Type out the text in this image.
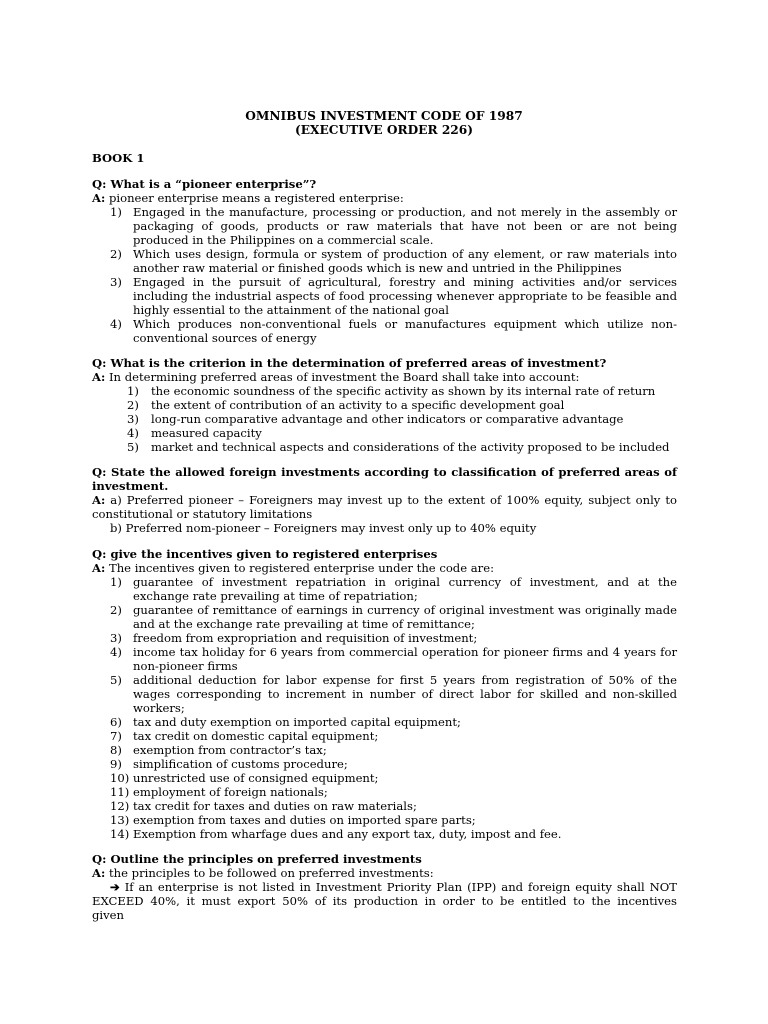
OMNIBUS INVESTMENT CODE OF 1987
(EXECUTIVE ORDER 226)
BOOK 1
Q: What is a “pioneer enterprise”?
A: pioneer enterprise means a registered enterprise:
1) Engaged in the manufacture, processing or production, and not merely in the assembly or
packaging of goods, products or raw materials that have not been or are not being
produced in the Philippines on a commercial scale.
2) Which uses design, formula or system of production of any element, or raw materials into
another raw material or finished goods which is new and untried in the Philippines
3) Engaged in the pursuit of agricultural, forestry and mining activities and/or services
including the industrial aspects of food processing whenever appropriate to be feasible and
highly essential to the attainment of the national goal
4) Which produces non-conventional fuels or manufactures equipment which utilize non-
conventional sources of energy
Q: What is the criterion in the determination of preferred areas of investment?
A: In determining preferred areas of investment the Board shall take into account:
1) the economic soundness of the specific activity as shown by its internal rate of return
2) the extent of contribution of an activity to a specific development goal
3) long-run comparative advantage and other indicators or comparative advantage
4) measured capacity
5) market and technical aspects and considerations of the activity proposed to be included
Q: State the allowed foreign investments according to classification of preferred areas of
investment.
A: a) Preferred pioneer – Foreigners may invest up to the extent of 100% equity, subject only to
constitutional or statutory limitations
b) Preferred nom-pioneer – Foreigners may invest only up to 40% equity
Q: give the incentives given to registered enterprises
A: The incentives given to registered enterprise under the code are:
1) guarantee of investment repatriation in original currency of investment, and at the
exchange rate prevailing at time of repatriation;
2) guarantee of remittance of earnings in currency of original investment was originally made
and at the exchange rate prevailing at time of remittance;
3) freedom from expropriation and requisition of investment;
4) income tax holiday for 6 years from commercial operation for pioneer firms and 4 years for
non-pioneer firms
5) additional deduction for labor expense for first 5 years from registration of 50% of the
wages corresponding to increment in number of direct labor for skilled and non-skilled
workers;
6) tax and duty exemption on imported capital equipment;
7) tax credit on domestic capital equipment;
8) exemption from contractor’s tax;
9) simplification of customs procedure;
10) unrestricted use of consigned equipment;
11) employment of foreign nationals;
12) tax credit for taxes and duties on raw materials;
13) exemption from taxes and duties on imported spare parts;
14) Exemption from wharfage dues and any export tax, duty, impost and fee.
Q: Outline the principles on preferred investments
A: the principles to be followed on preferred investments:
➔ If an enterprise is not listed in Investment Priority Plan (IPP) and foreign equity shall NOT
EXCEED 40%, it must export 50% of its production in order to be entitled to the incentives
given
